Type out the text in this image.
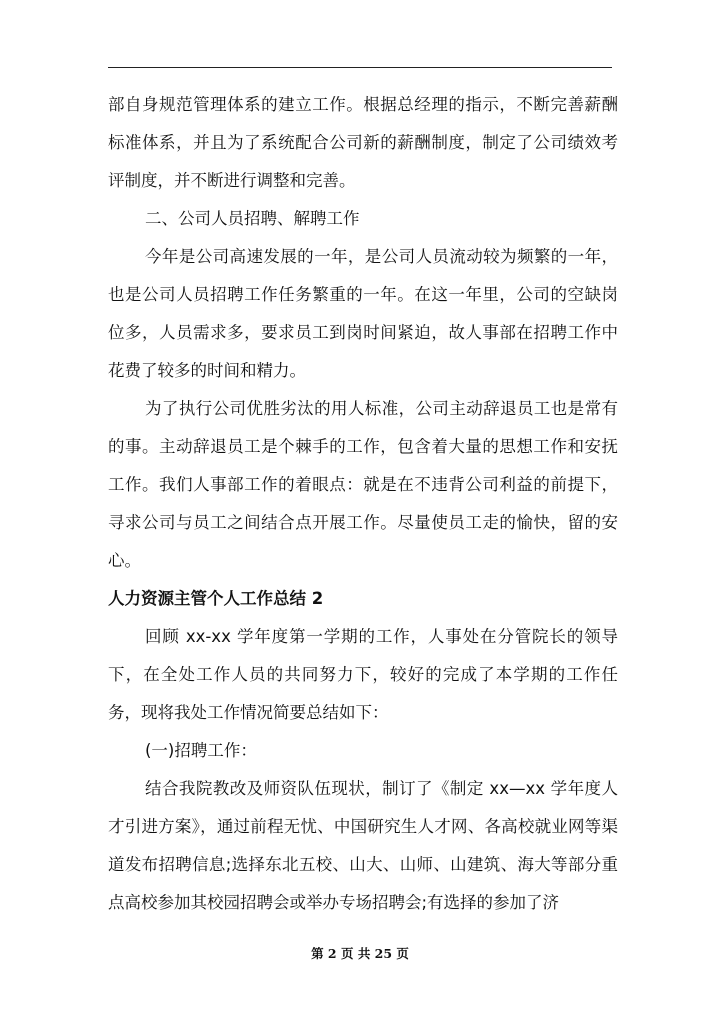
部自身规范管理体系的建立工作。根据总经理的指示，不断完善薪酬标准体系，并且为了系统配合公司新的薪酬制度，制定了公司绩效考评制度，并不断进行调整和完善。

二、公司人员招聘、解聘工作

今年是公司高速发展的一年，是公司人员流动较为频繁的一年，也是公司人员招聘工作任务繁重的一年。在这一年里，公司的空缺岗位多，人员需求多，要求员工到岗时间紧迫，故人事部在招聘工作中花费了较多的时间和精力。

为了执行公司优胜劣汰的用人标准，公司主动辞退员工也是常有的事。主动辞退员工是个棘手的工作，包含着大量的思想工作和安抚工作。我们人事部工作的着眼点：就是在不违背公司利益的前提下，寻求公司与员工之间结合点开展工作。尽量使员工走的愉快，留的安心。

人力资源主管个人工作总结 2

回顾 xx-xx 学年度第一学期的工作，人事处在分管院长的领导下，在全处工作人员的共同努力下，较好的完成了本学期的工作任务，现将我处工作情况简要总结如下：

(一)招聘工作：

结合我院教改及师资队伍现状，制订了《制定 xx—xx 学年度人才引进方案》，通过前程无忧、中国研究生人才网、各高校就业网等渠道发布招聘信息;选择东北五校、山大、山师、山建筑、海大等部分重点高校参加其校园招聘会或举办专场招聘会;有选择的参加了济

第 2 页 共 25 页
